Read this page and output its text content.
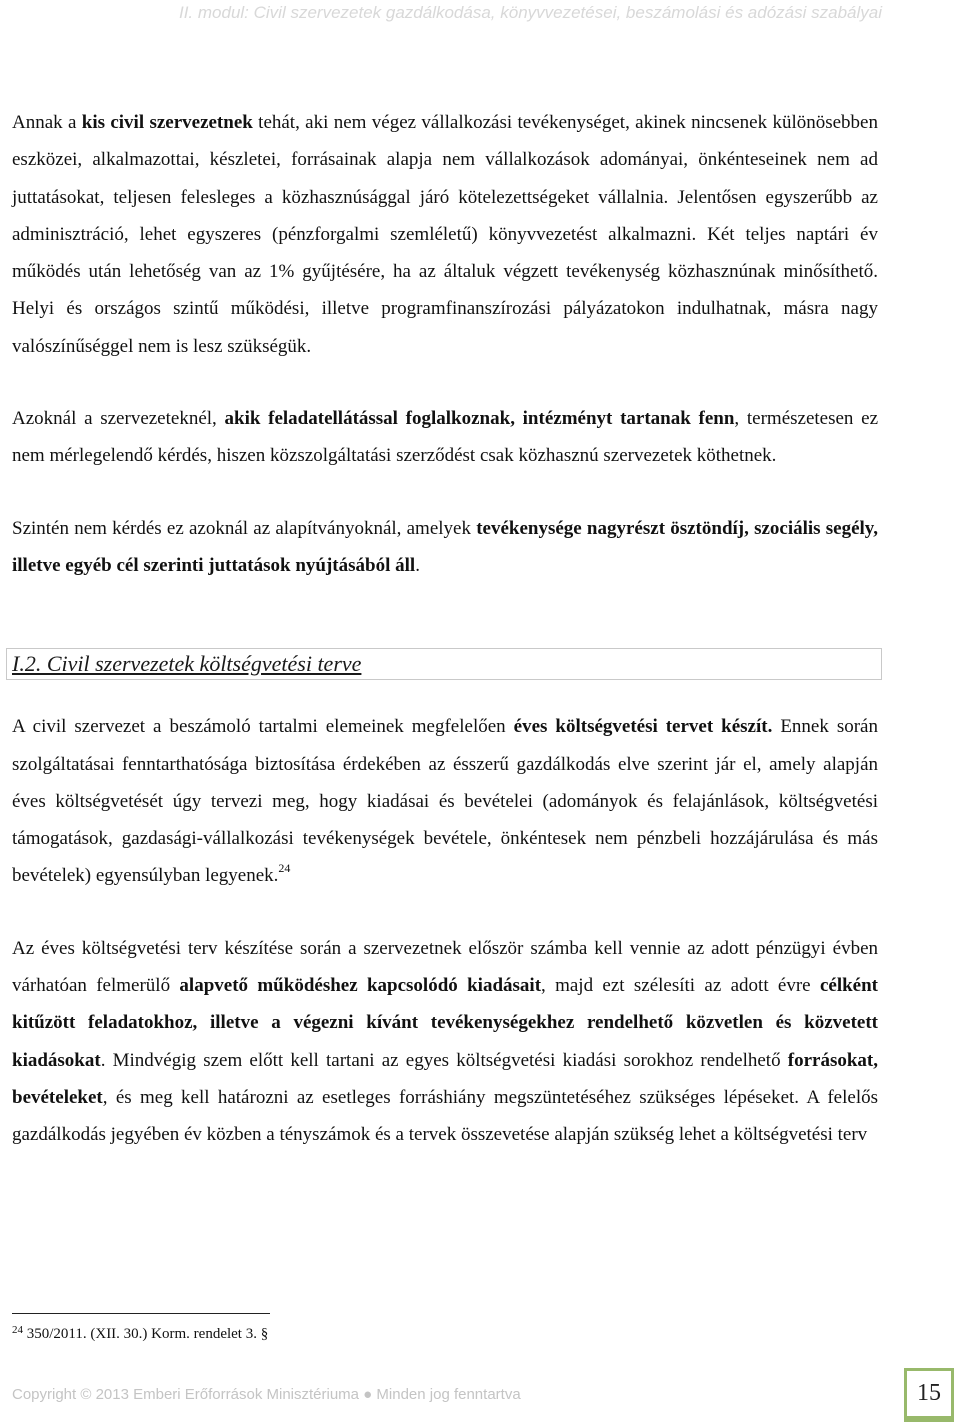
II. modul: Civil szervezetek gazdálkodása, könyvvezetései, beszámolási és adózási szabályai

Annak a kis civil szervezetnek tehát, aki nem végez vállalkozási tevékenységet, akinek nincsenek különösebben eszközei, alkalmazottai, készletei, forrásainak alapja nem vállalkozások adományai, önkénteseinek nem ad juttatásokat, teljesen felesleges a közhasznúsággal járó kötelezettségeket vállalnia. Jelentősen egyszerűbb az adminisztráció, lehet egyszeres (pénzforgalmi szemléletű) könyvvezetést alkalmazni. Két teljes naptári év működés után lehetőség van az 1% gyűjtésére, ha az általuk végzett tevékenység közhasznúnak minősíthető. Helyi és országos szintű működési, illetve programfinanszírozási pályázatokon indulhatnak, másra nagy valószínűséggel nem is lesz szükségük.

Azoknál a szervezeteknél, akik feladatellátással foglalkoznak, intézményt tartanak fenn, természetesen ez nem mérlegelendő kérdés, hiszen közszolgáltatási szerződést csak közhasznú szervezetek köthetnek.

Szintén nem kérdés ez azoknál az alapítványoknál, amelyek tevékenysége nagyrészt ösztöndíj, szociális segély, illetve egyéb cél szerinti juttatások nyújtásából áll.

I.2. Civil szervezetek költségvetési terve

A civil szervezet a beszámoló tartalmi elemeinek megfelelően éves költségvetési tervet készít. Ennek során szolgáltatásai fenntarthatósága biztosítása érdekében az ésszerű gazdálkodás elve szerint jár el, amely alapján éves költségvetését úgy tervezi meg, hogy kiadásai és bevételei (adományok és felajánlások, költségvetési támogatások, gazdasági-vállalkozási tevékenységek bevétele, önkéntesek nem pénzbeli hozzájárulása és más bevételek) egyensúlyban legyenek.$^{24}$

Az éves költségvetési terv készítése során a szervezetnek először számba kell vennie az adott pénzügyi évben várhatóan felmerülő alapvető működéshez kapcsolódó kiadásait, majd ezt szélesíti az adott évre célként kitűzött feladatokhoz, illetve a végezni kívánt tevékenységekhez rendelhető közvetlen és közvetett kiadásokat. Mindvégig szem előtt kell tartani az egyes költségvetési kiadási sorokhoz rendelhető forrásokat, bevételeket, és meg kell határozni az esetleges forráshiány megszüntetéséhez szükséges lépéseket. A felelős gazdálkodás jegyében év közben a tényszámok és a tervek összevetése alapján szükség lehet a költségvetési terv

$^{24}$ 350/2011. (XII. 30.) Korm. rendelet 3. §
Copyright © 2013 Emberi Erőforrások Minisztériuma ● Minden jog fenntartva	15
